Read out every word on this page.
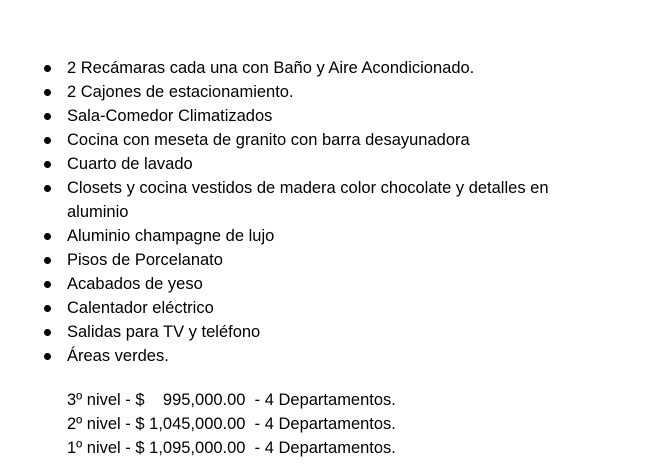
2 Recámaras cada una con Baño y Aire Acondicionado.
2 Cajones de estacionamiento.
Sala-Comedor Climatizados
Cocina con meseta de granito con barra desayunadora
Cuarto de lavado
Closets y cocina vestidos de madera color chocolate y detalles en aluminio
Aluminio champagne de lujo
Pisos de Porcelanato
Acabados de yeso
Calentador eléctrico
Salidas para TV y teléfono
Áreas verdes.
3º nivel - $    995,000.00  - 4 Departamentos.
2º nivel - $ 1,045,000.00  - 4 Departamentos.
1º nivel - $ 1,095,000.00  - 4 Departamentos.
